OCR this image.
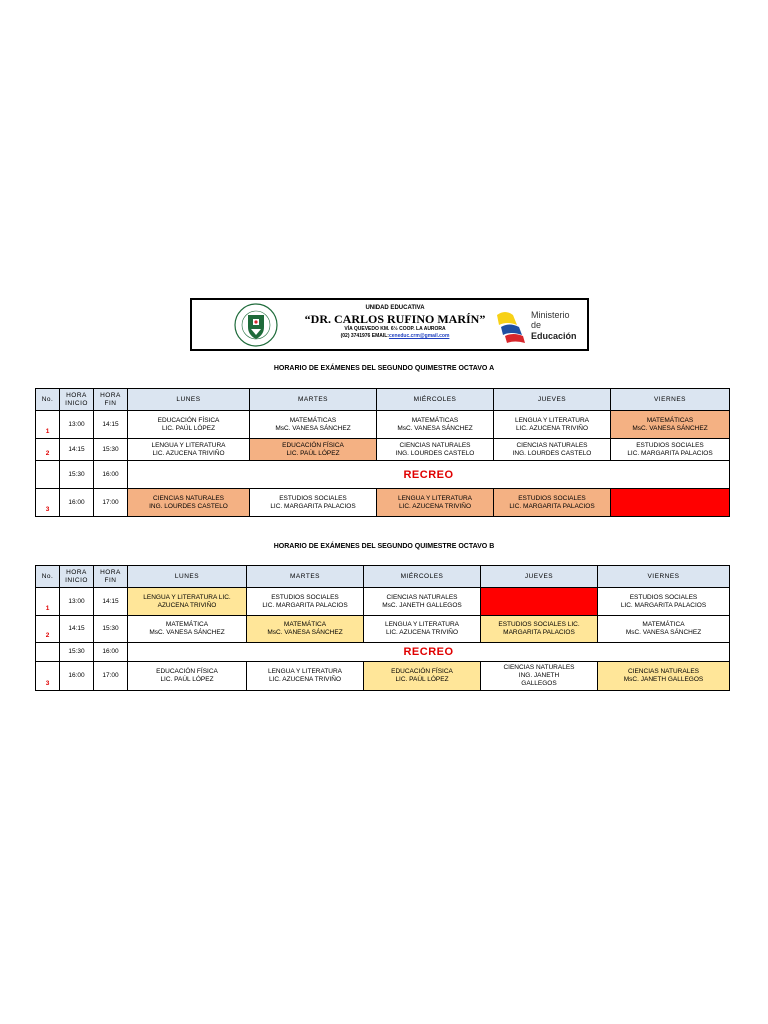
UNIDAD EDUCATIVA
“DR. CARLOS RUFINO MARÍN”
VÍA QUEVEDO KM. 6½ COOP. LA AURORA
(02) 3741976 EMAIL:ceneduc.crm@gmail.com
Ministerio
de Educación
HORARIO DE EXÁMENES DEL SEGUNDO QUIMESTRE OCTAVO A
No.	HORA INICIO	HORA FIN	LUNES	MARTES	MIÉRCOLES	JUEVES	VIERNES
1	13:00	14:15	EDUCACIÓN FÍSICA
LIC. PAÚL LÓPEZ	MATEMÁTICAS
MsC. VANESA SÁNCHEZ	MATEMÁTICAS
MsC. VANESA SÁNCHEZ	LENGUA Y LITERATURA
LIC. AZUCENA TRIVIÑO	MATEMÁTICAS
MsC. VANESA SÁNCHEZ
2	14:15	15:30	LENGUA Y LITERATURA
LIC. AZUCENA TRIVIÑO	EDUCACIÓN FÍSICA
LIC. PAÚL LÓPEZ	CIENCIAS NATURALES
ING. LOURDES CASTELO	CIENCIAS NATURALES
ING. LOURDES CASTELO	ESTUDIOS SOCIALES
LIC. MARGARITA PALACIOS
	15:30	16:00	RECREO				
3	16:00	17:00	CIENCIAS NATURALES
ING. LOURDES CASTELO	ESTUDIOS SOCIALES
LIC. MARGARITA PALACIOS	LENGUA Y LITERATURA
LIC. AZUCENA TRIVIÑO	ESTUDIOS SOCIALES
LIC. MARGARITA PALACIOS	
HORARIO DE EXÁMENES DEL SEGUNDO QUIMESTRE OCTAVO B
No.	HORA INICIO	HORA FIN	LUNES	MARTES	MIÉRCOLES	JUEVES	VIERNES
1	13:00	14:15	LENGUA Y LITERATURA LIC.
AZUCENA TRIVIÑO	ESTUDIOS SOCIALES
LIC. MARGARITA PALACIOS	CIENCIAS NATURALES
MsC. JANETH GALLEGOS		ESTUDIOS SOCIALES
LIC. MARGARITA PALACIOS
2	14:15	15:30	MATEMÁTICA
MsC. VANESA SÁNCHEZ	MATEMÁTICA
MsC. VANESA SÁNCHEZ	LENGUA Y LITERATURA
LIC. AZUCENA TRIVIÑO	ESTUDIOS SOCIALES LIC.
MARGARITA PALACIOS	MATEMÁTICA
MsC. VANESA SÁNCHEZ
	15:30	16:00	RECREO				
3	16:00	17:00	EDUCACIÓN FÍSICA
LIC. PAÚL LÓPEZ	LENGUA Y LITERATURA
LIC. AZUCENA TRIVIÑO	EDUCACIÓN FÍSICA
LIC. PAÚL LÓPEZ	CIENCIAS NATURALES
ING. JANETH
GALLEGOS	CIENCIAS NATURALES
MsC. JANETH GALLEGOS
